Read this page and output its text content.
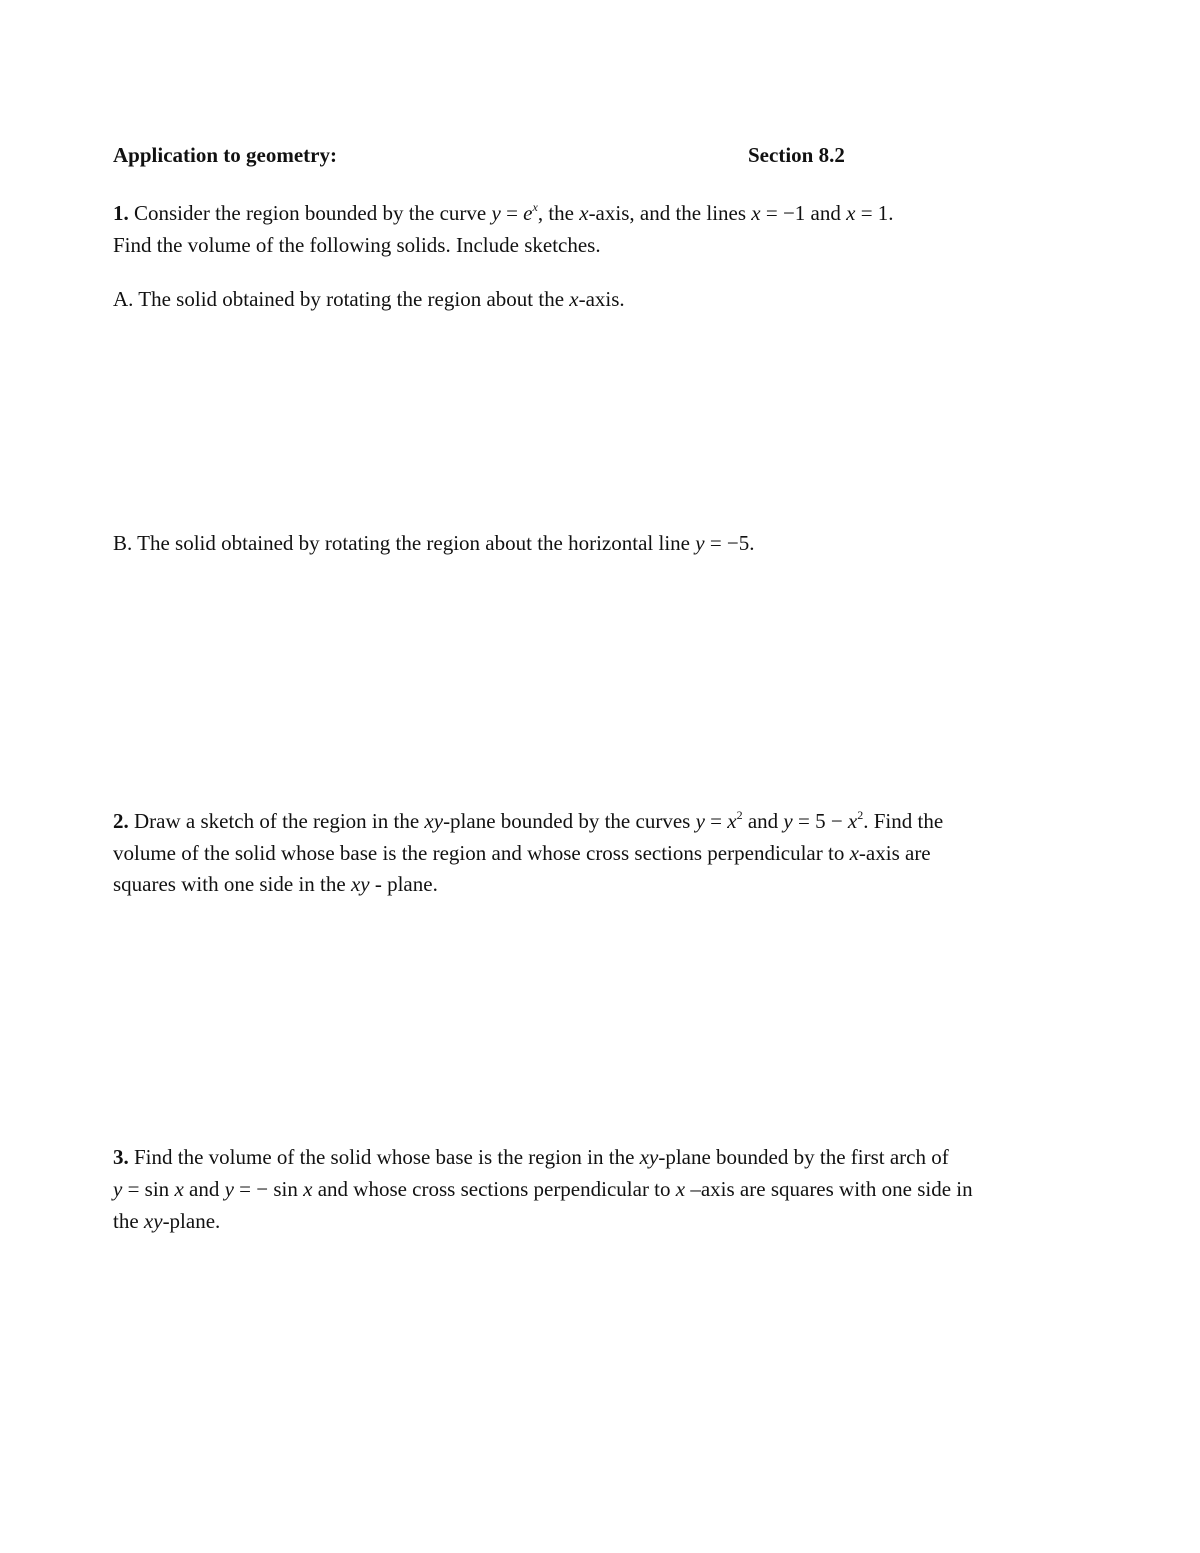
Application to geometry:	Section 8.2
1. Consider the region bounded by the curve $y = e^x$, the x-axis, and the lines x = −1 and x = 1.
Find the volume of the following solids. Include sketches.
A. The solid obtained by rotating the region about the x-axis.
B. The solid obtained by rotating the region about the horizontal line y = −5.
2. Draw a sketch of the region in the xy-plane bounded by the curves $y = x^2$ and $y = 5 - x^2$. Find the
volume of the solid whose base is the region and whose cross sections perpendicular to x-axis are
squares with one side in the xy - plane.
3. Find the volume of the solid whose base is the region in the xy-plane bounded by the first arch of
y = sin x and y = − sin x and whose cross sections perpendicular to x –axis are squares with one side in
the xy-plane.
